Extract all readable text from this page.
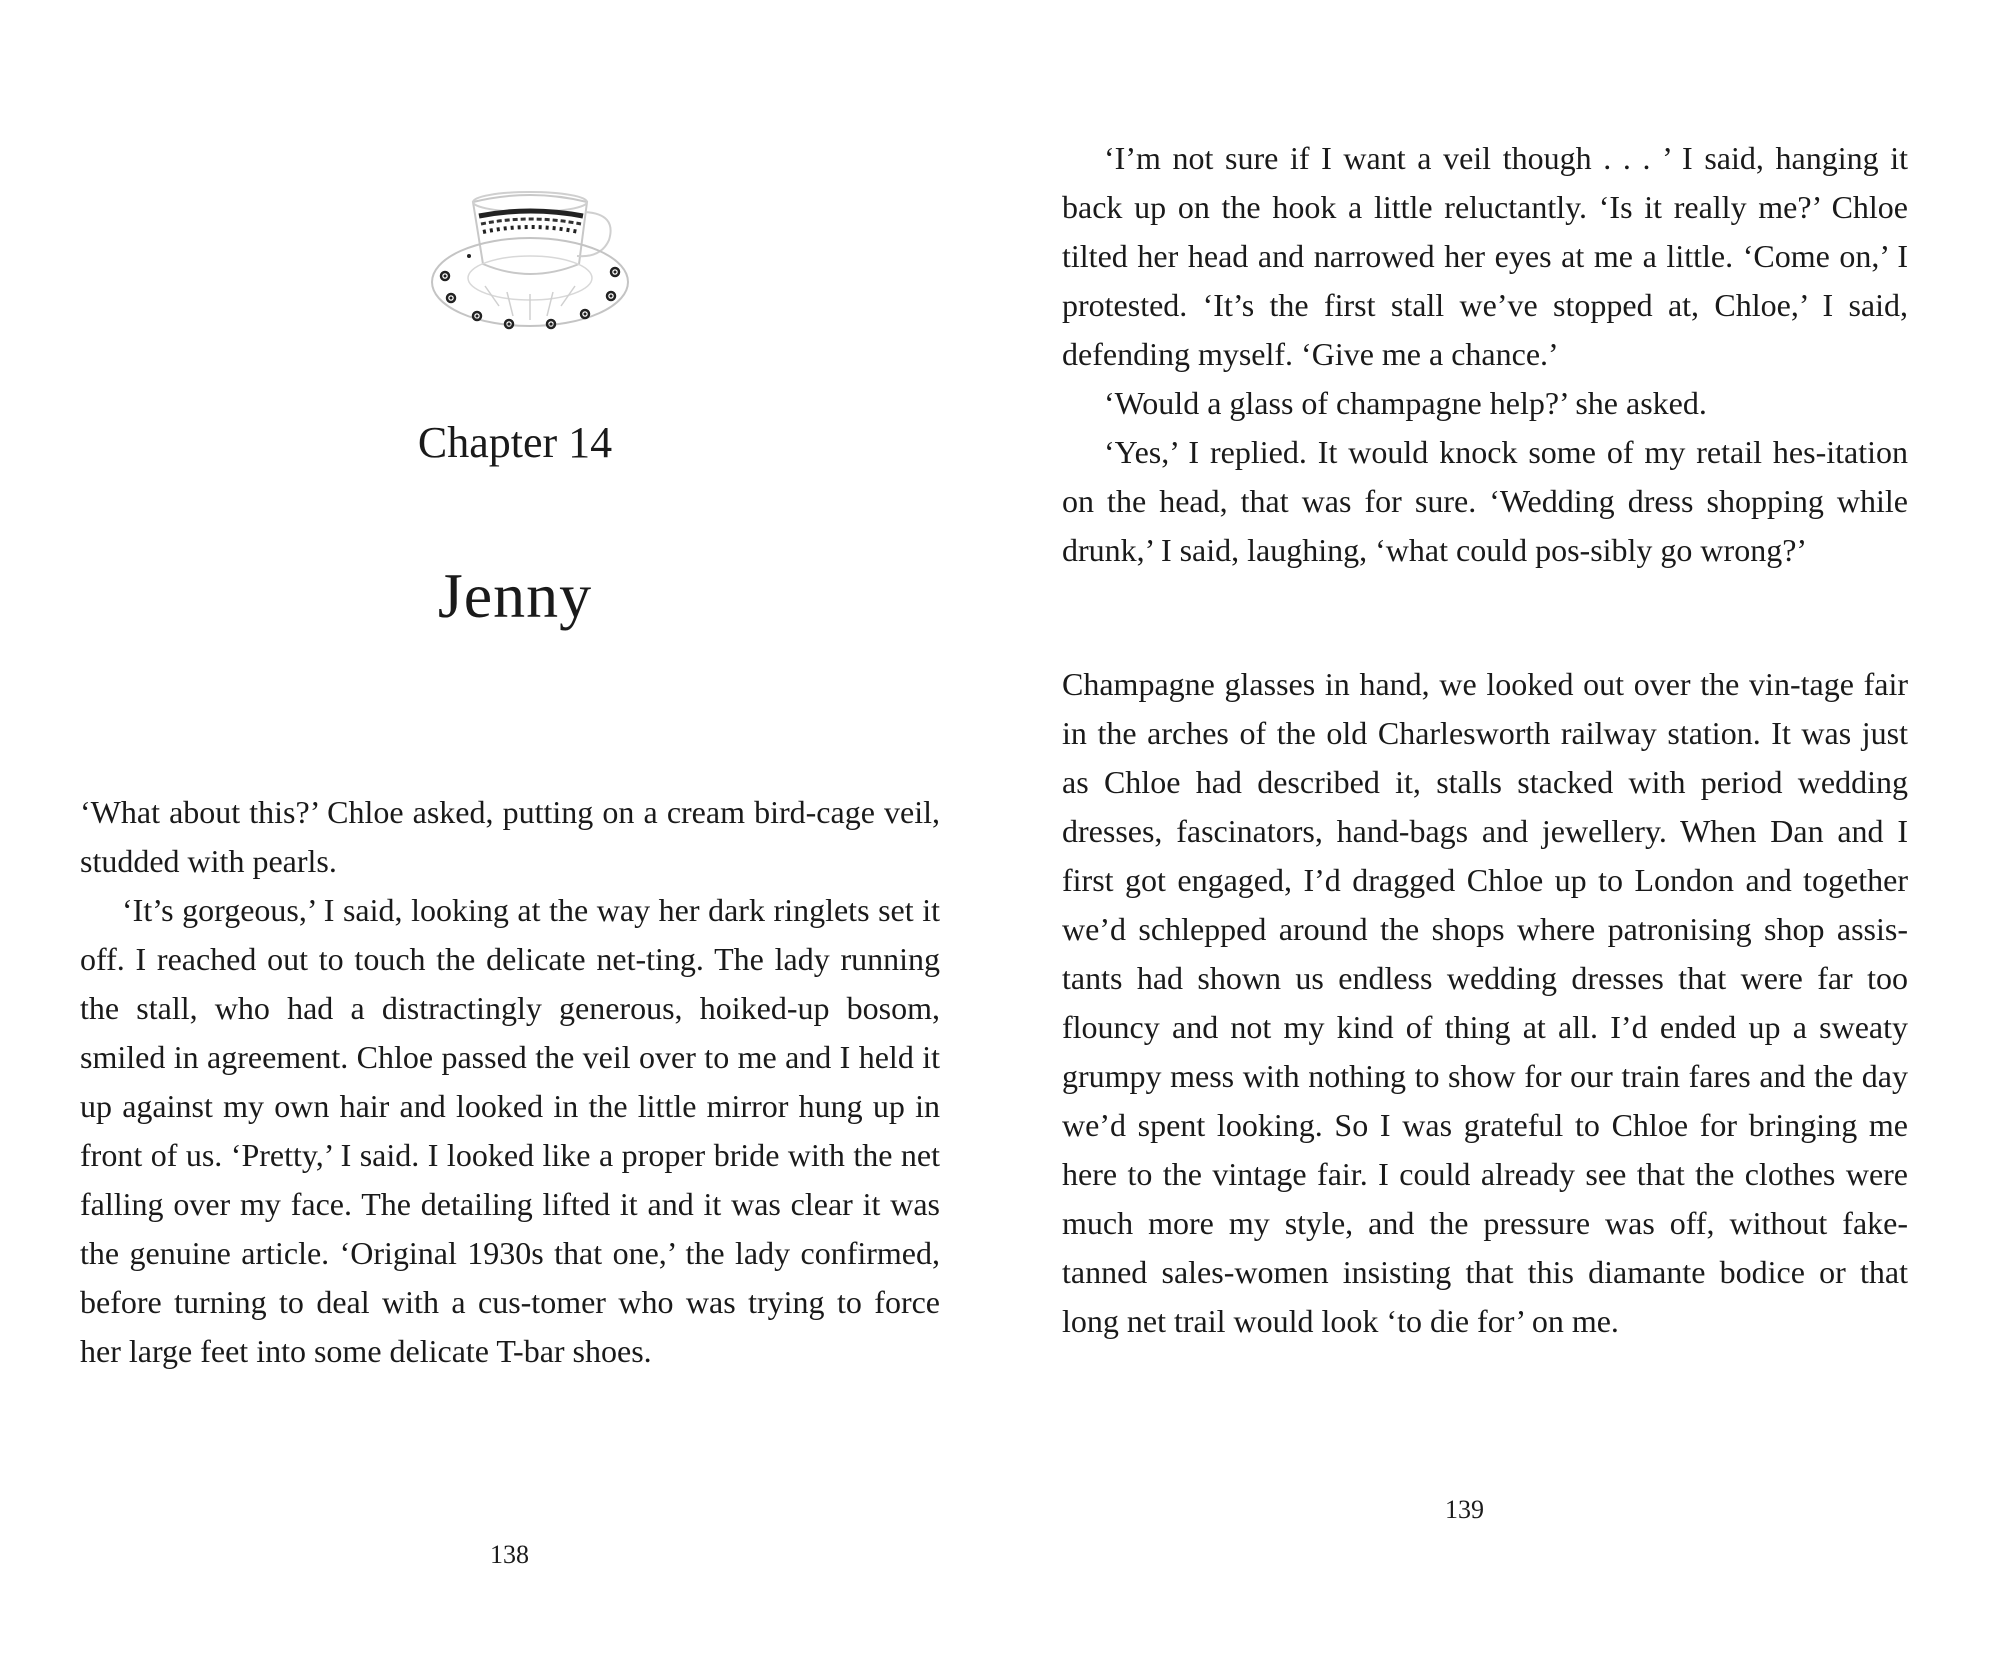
Chapter 14
Jenny

‘What about this?’ Chloe asked, putting on a cream bird-cage veil, studded with pearls.

‘It’s gorgeous,’ I said, looking at the way her dark ringlets set it off. I reached out to touch the delicate net-ting. The lady running the stall, who had a distractingly generous, hoiked-up bosom, smiled in agreement. Chloe passed the veil over to me and I held it up against my own hair and looked in the little mirror hung up in front of us. ‘Pretty,’ I said. I looked like a proper bride with the net falling over my face. The detailing lifted it and it was clear it was the genuine article. ‘Original 1930s that one,’ the lady confirmed, before turning to deal with a cus-tomer who was trying to force her large feet into some delicate T-bar shoes.

138

‘I’m not sure if I want a veil though . . . ’ I said, hanging it back up on the hook a little reluctantly. ‘Is it really me?’ Chloe tilted her head and narrowed her eyes at me a little. ‘Come on,’ I protested. ‘It’s the first stall we’ve stopped at, Chloe,’ I said, defending myself. ‘Give me a chance.’

‘Would a glass of champagne help?’ she asked.

‘Yes,’ I replied. It would knock some of my retail hes-itation on the head, that was for sure. ‘Wedding dress shopping while drunk,’ I said, laughing, ‘what could pos-sibly go wrong?’

Champagne glasses in hand, we looked out over the vin-tage fair in the arches of the old Charlesworth railway station. It was just as Chloe had described it, stalls stacked with period wedding dresses, fascinators, hand-bags and jewellery. When Dan and I first got engaged, I’d dragged Chloe up to London and together we’d schlepped around the shops where patronising shop assis-tants had shown us endless wedding dresses that were far too flouncy and not my kind of thing at all. I’d ended up a sweaty grumpy mess with nothing to show for our train fares and the day we’d spent looking. So I was grateful to Chloe for bringing me here to the vintage fair. I could already see that the clothes were much more my style, and the pressure was off, without fake-tanned sales-women insisting that this diamante bodice or that long net trail would look ‘to die for’ on me.

139
